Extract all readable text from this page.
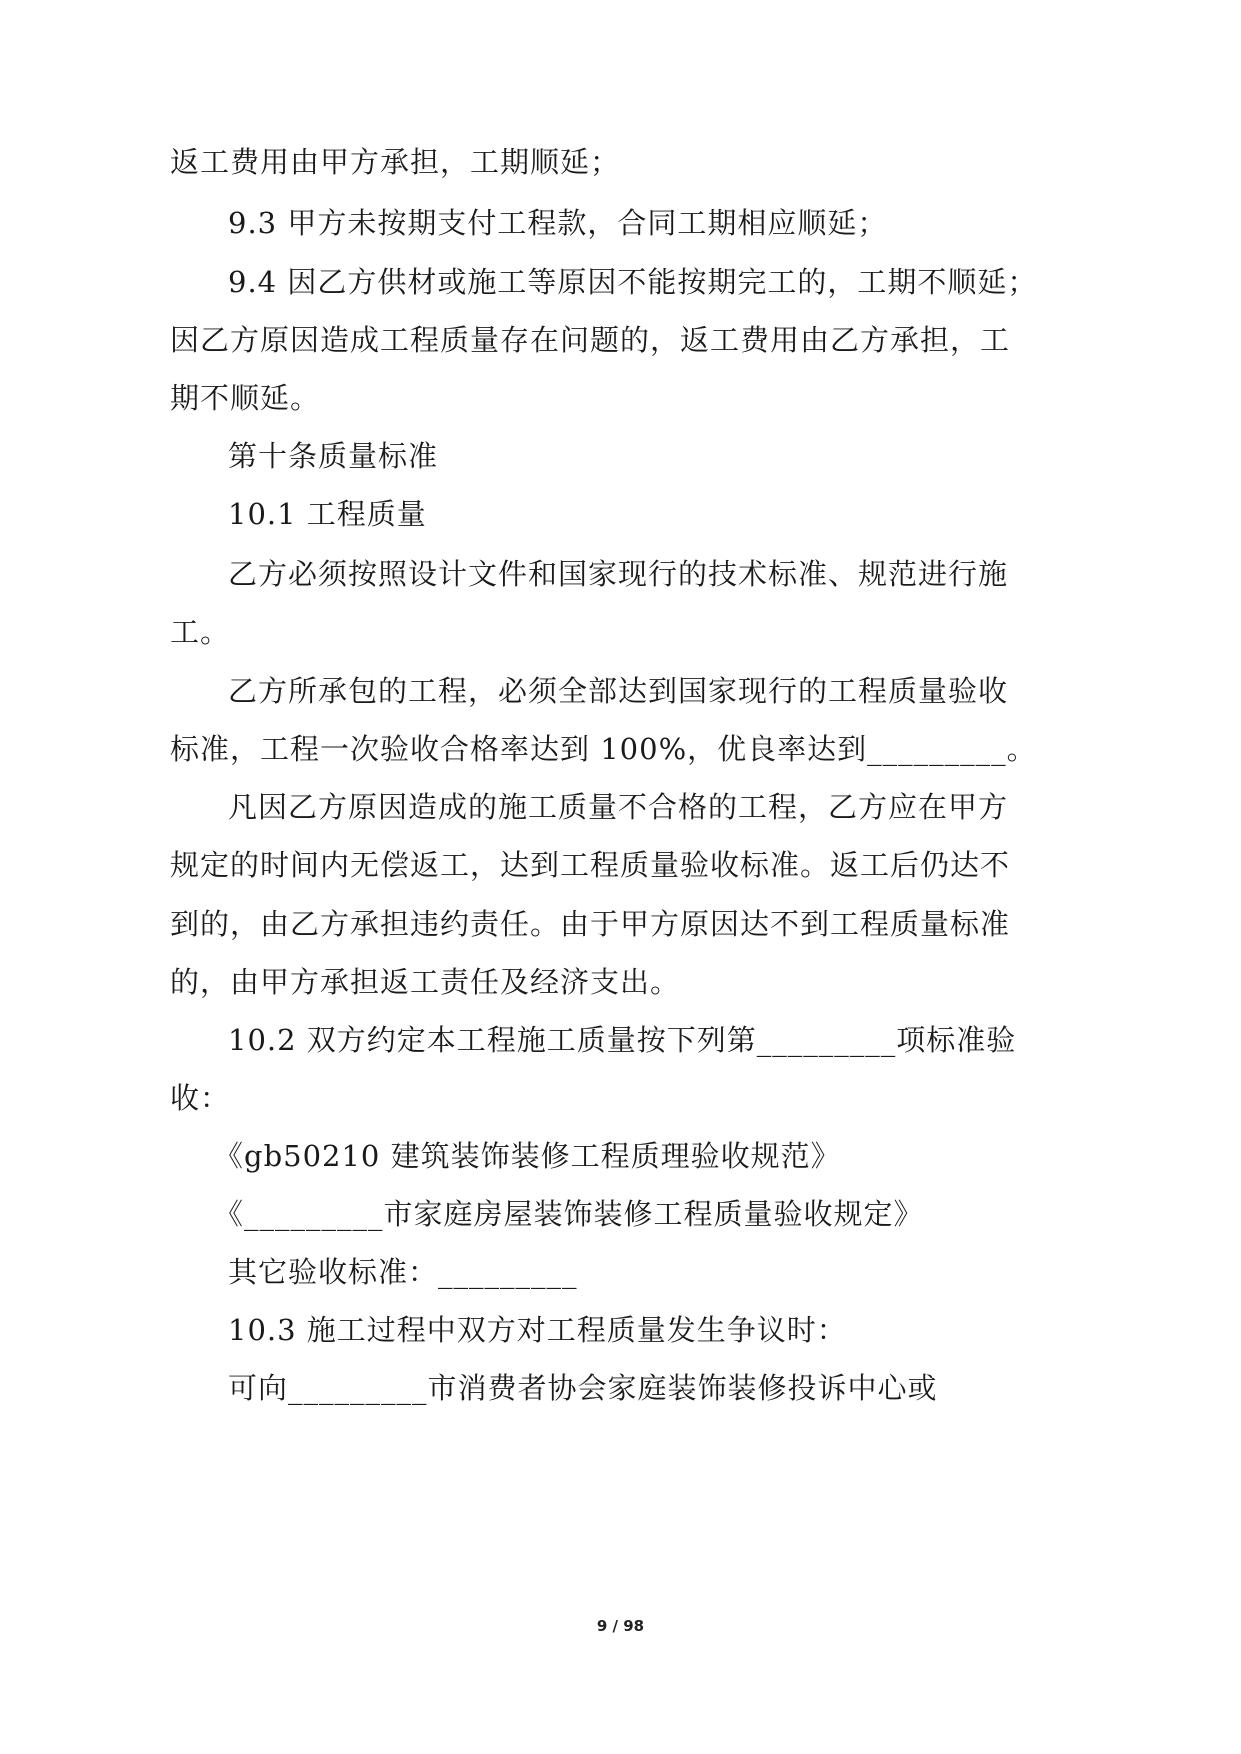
返工费用由甲方承担，工期顺延；
9.3 甲方未按期支付工程款，合同工期相应顺延；
9.4 因乙方供材或施工等原因不能按期完工的，工期不顺延；
因乙方原因造成工程质量存在问题的，返工费用由乙方承担，工
期不顺延。
第十条质量标准
10.1 工程质量
乙方必须按照设计文件和国家现行的技术标准、规范进行施
工。
乙方所承包的工程，必须全部达到国家现行的工程质量验收
标准，工程一次验收合格率达到 100%，优良率达到_________。
凡因乙方原因造成的施工质量不合格的工程，乙方应在甲方
规定的时间内无偿返工，达到工程质量验收标准。返工后仍达不
到的，由乙方承担违约责任。由于甲方原因达不到工程质量标准
的，由甲方承担返工责任及经济支出。
10.2 双方约定本工程施工质量按下列第_________项标准验
收：
《gb50210 建筑装饰装修工程质理验收规范》
《_________市家庭房屋装饰装修工程质量验收规定》
其它验收标准：_________
10.3 施工过程中双方对工程质量发生争议时：
可向_________市消费者协会家庭装饰装修投诉中心或
9 / 98
